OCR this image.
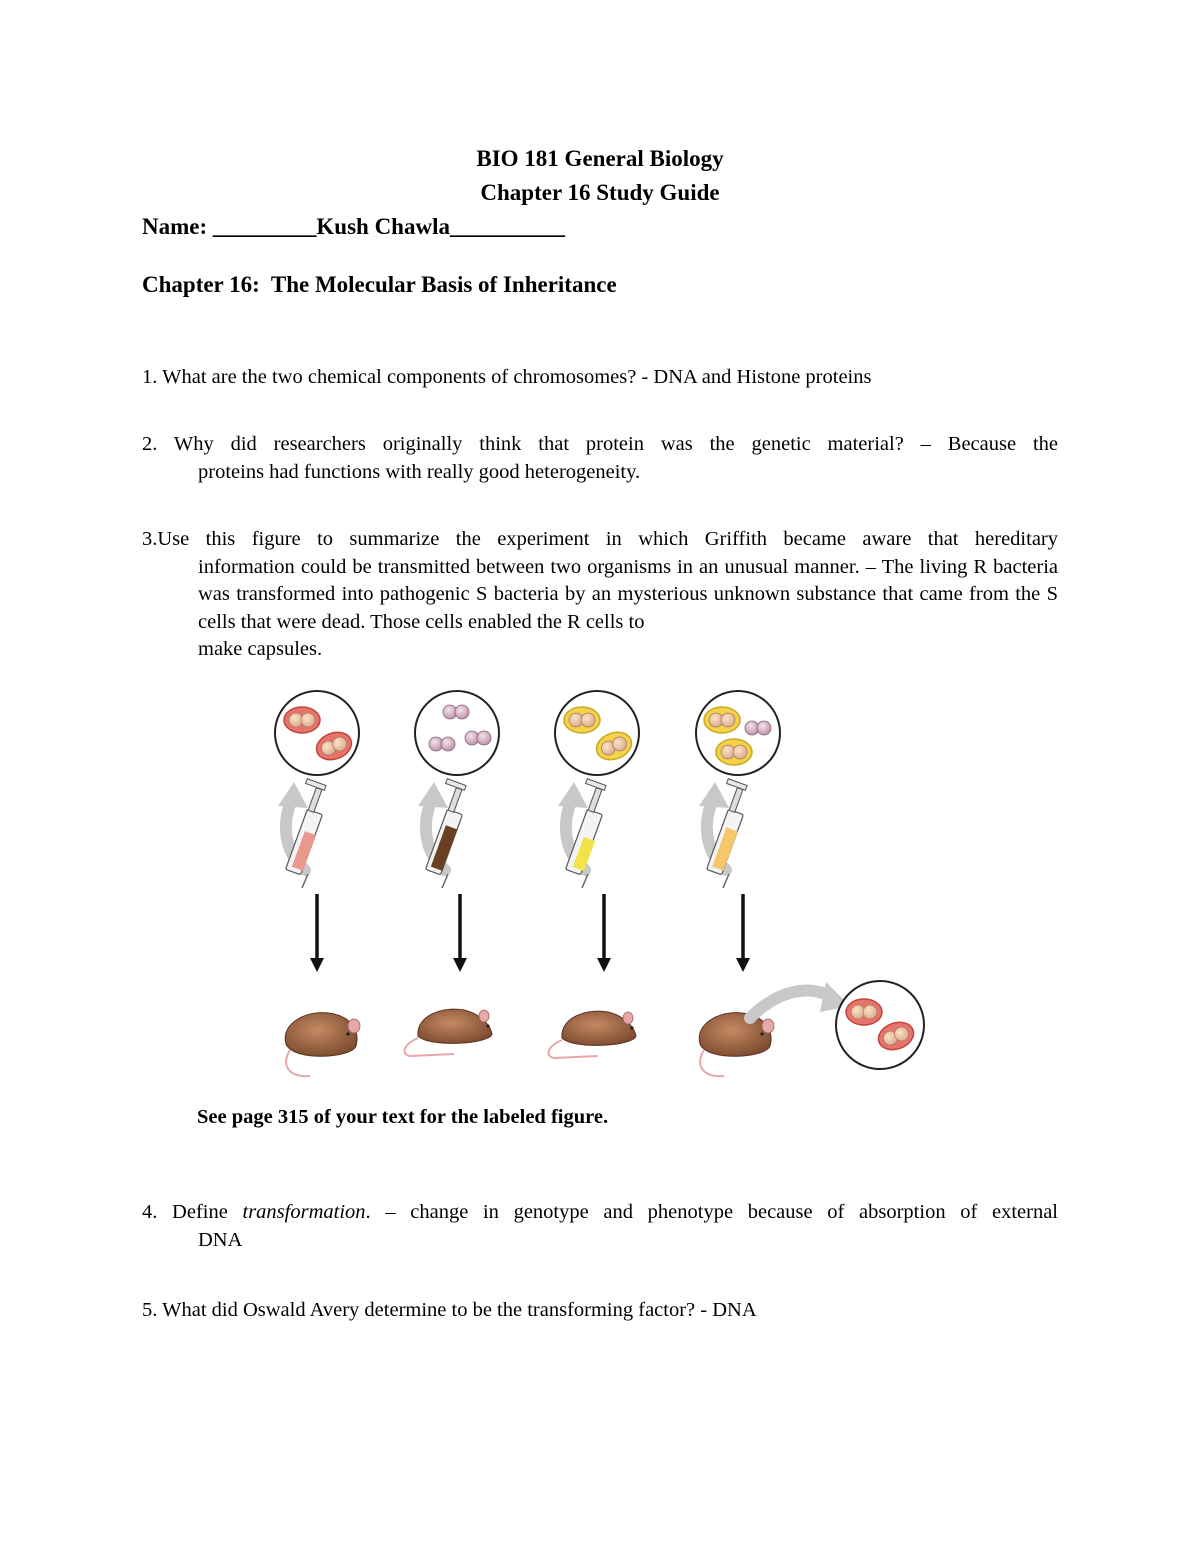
BIO 181 General Biology
Chapter 16 Study Guide
Name: _________Kush Chawla__________
Chapter 16:  The Molecular Basis of Inheritance
1. What are the two chemical components of chromosomes? - DNA and Histone proteins
2. Why did researchers originally think that protein was the genetic material? – Because the
proteins had functions with really good heterogeneity.
3.Use this figure to summarize the experiment in which Griffith became aware that hereditary
information could be transmitted between two organisms in an unusual manner. – The living R bacteria was transformed into pathogenic S bacteria by an mysterious unknown substance that came from the S cells that were dead. Those cells enabled the R cells to
make capsules.
See page 315 of your text for the labeled figure.
4. Define transformation. – change in genotype and phenotype because of absorption of external
DNA
5. What did Oswald Avery determine to be the transforming factor? - DNA
